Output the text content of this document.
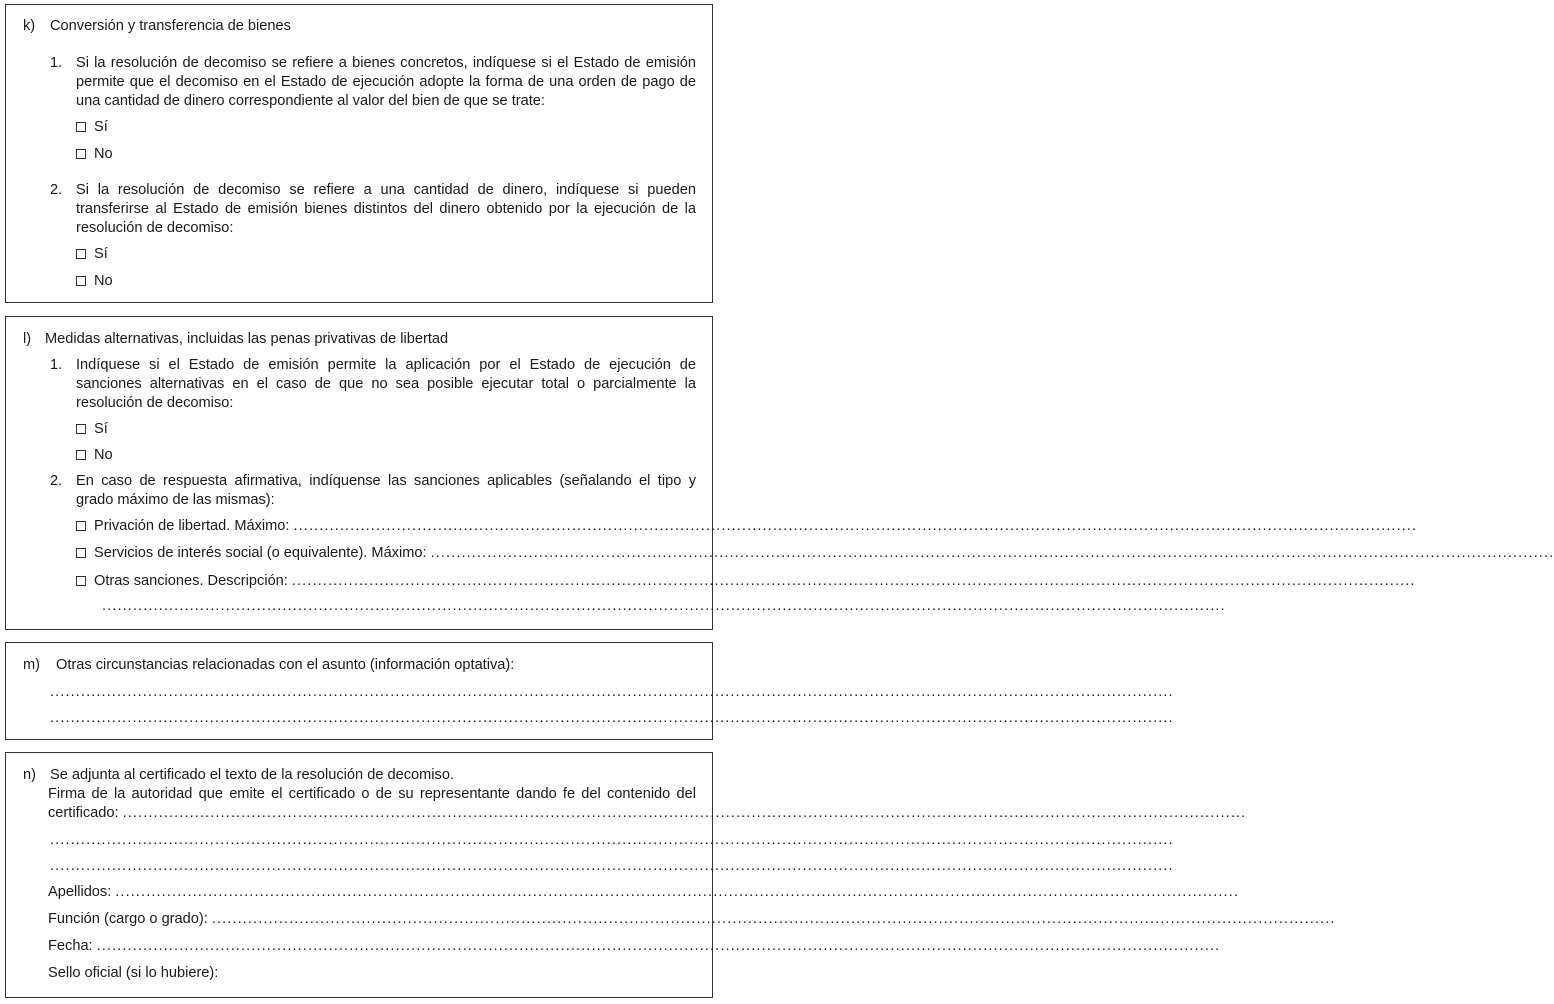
k) Conversión y transferencia de bienes
1. Si la resolución de decomiso se refiere a bienes concretos, indíquese si el Estado de emisión
permite que el decomiso en el Estado de ejecución adopte la forma de una orden de pago de
una cantidad de dinero correspondiente al valor del bien de que se trate:
Sí
No
2. Si la resolución de decomiso se refiere a una cantidad de dinero, indíquese si pueden
transferirse al Estado de emisión bienes distintos del dinero obtenido por la ejecución de la
resolución de decomiso:
Sí
No
l) Medidas alternativas, incluidas las penas privativas de libertad
1. Indíquese si el Estado de emisión permite la aplicación por el Estado de ejecución de
sanciones alternativas en el caso de que no sea posible ejecutar total o parcialmente la
resolución de decomiso:
Sí
No
2. En caso de respuesta afirmativa, indíquense las sanciones aplicables (señalando el tipo y
grado máximo de las mismas):
Privación de libertad. Máximo: ..........................................................................................................................................................................................................................
Servicios de interés social (o equivalente). Máximo: ..........................................................................................................................................................................................................................
Otras sanciones. Descripción: ..........................................................................................................................................................................................................................
..........................................................................................................................................................................................................................
m) Otras circunstancias relacionadas con el asunto (información optativa):
..........................................................................................................................................................................................................................
..........................................................................................................................................................................................................................
n) Se adjunta al certificado el texto de la resolución de decomiso.
Firma de la autoridad que emite el certificado o de su representante dando fe del contenido del
certificado: ..........................................................................................................................................................................................................................
..........................................................................................................................................................................................................................
..........................................................................................................................................................................................................................
Apellidos: ..........................................................................................................................................................................................................................
Función (cargo o grado): ..........................................................................................................................................................................................................................
Fecha: ..........................................................................................................................................................................................................................
Sello oficial (si lo hubiere):
